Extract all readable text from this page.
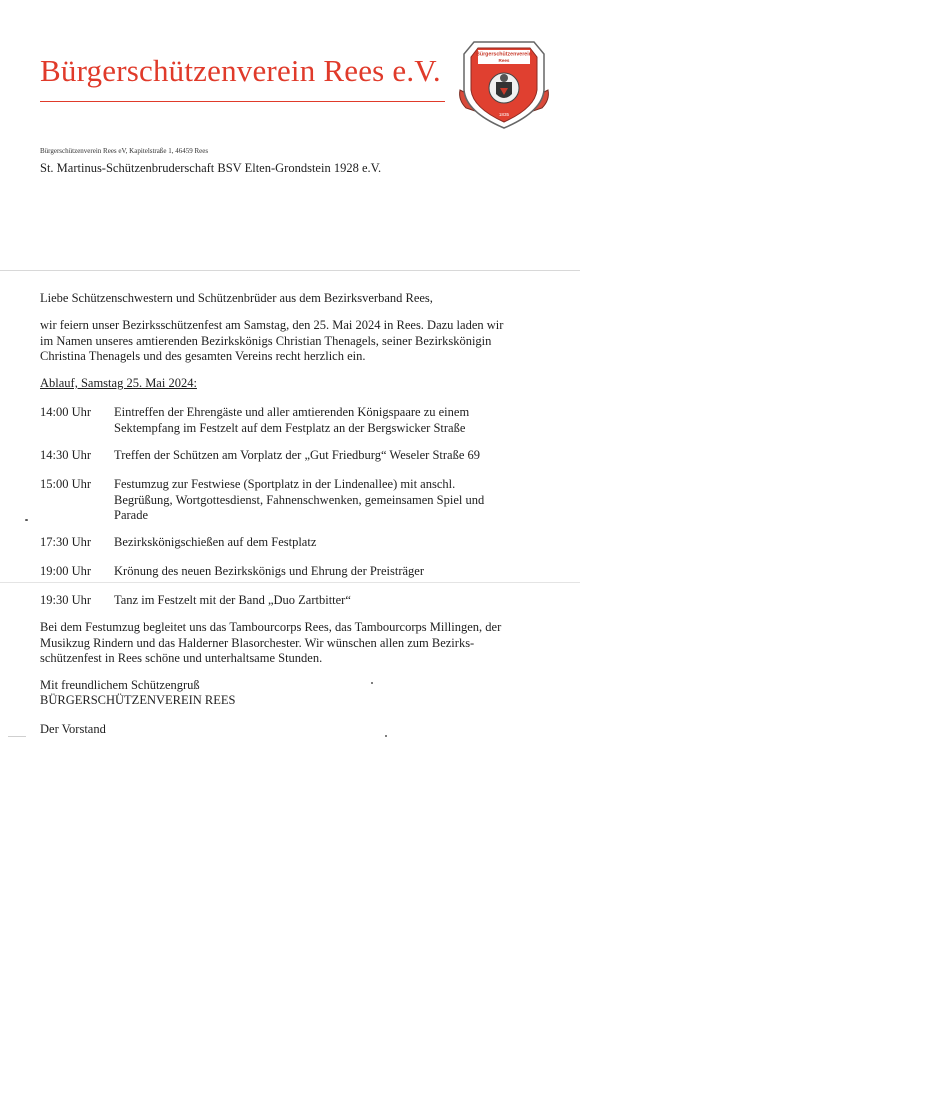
Bürgerschützenverein Rees e.V.	Bürgerschützenverein
Rees
1835
Bürgerschützenverein Rees eV, Kapitelstraße 1, 46459 Rees
St. Martinus-Schützenbruderschaft BSV Elten-Grondstein 1928 e.V.
Liebe Schützenschwestern und Schützenbrüder aus dem Bezirksverband Rees,
wir feiern unser Bezirksschützenfest am Samstag, den 25. Mai 2024 in Rees. Dazu laden wir
im Namen unseres amtierenden Bezirkskönigs Christian Thenagels, seiner Bezirkskönigin
Christina Thenagels und des gesamten Vereins recht herzlich ein.
Ablauf, Samstag 25. Mai 2024:
14:00 Uhr	Eintreffen der Ehrengäste und aller amtierenden Königspaare zu einem
Sektempfang im Festzelt auf dem Festplatz an der Bergswicker Straße
14:30 Uhr	Treffen der Schützen am Vorplatz der „Gut Friedburg“ Weseler Straße 69
15:00 Uhr	Festumzug zur Festwiese (Sportplatz in der Lindenallee) mit anschl.
Begrüßung, Wortgottesdienst, Fahnenschwenken, gemeinsamen Spiel und
Parade
17:30 Uhr	Bezirkskönigschießen auf dem Festplatz
19:00 Uhr	Krönung des neuen Bezirkskönigs und Ehrung der Preisträger
19:30 Uhr	Tanz im Festzelt mit der Band „Duo Zartbitter“
Bei dem Festumzug begleitet uns das Tambourcorps Rees, das Tambourcorps Millingen, der
Musikzug Rindern und das Halderner Blasorchester. Wir wünschen allen zum Bezirks-
schützenfest in Rees schöne und unterhaltsame Stunden.
Mit freundlichem Schützengruß
BÜRGERSCHÜTZENVEREIN REES
Der Vorstand
